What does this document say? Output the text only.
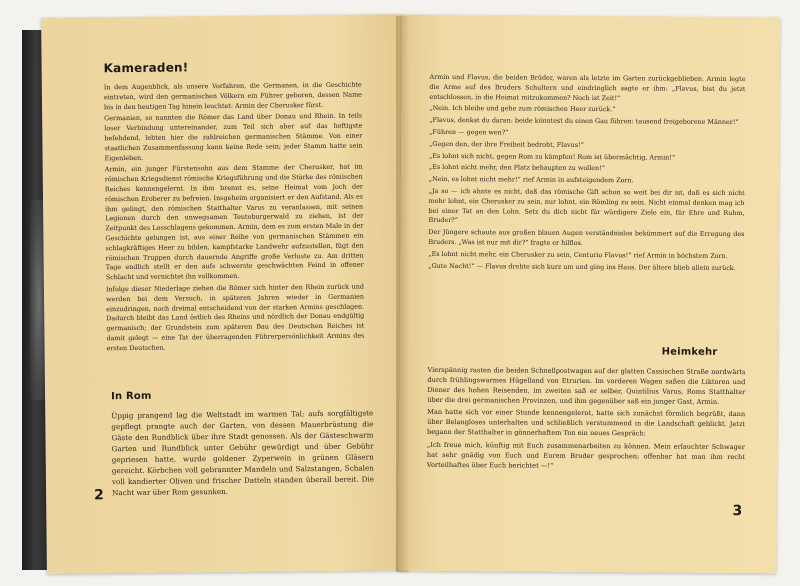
Kameraden!

In dem Augenblick, als unsere Vorfahren, die Germanen, in die Geschichte eintreten, wird den germanischen Völkern ein Führer geboren, dessen Name bis in den heutigen Tag hinein leuchtet: Armin der Cherusker fürst.

Germanien, so nannten die Römer das Land über Donau und Rhein. In teils loser Verbindung untereinander, zum Teil sich aber auf das heftigste befehdend, lebten hier die zahlreichen germanischen Stämme. Von einer staatlichen Zusammenfassung kann keine Rede sein; jeder Stamm hatte sein Eigenleben.

Armin, ein junger Fürstensohn aus dem Stamme der Cherusker, hat im römischen Kriegsdienst römische Kriegsführung und die Stärke des römischen Reiches kennengelernt. In ihm brennt es, seine Heimat vom Joch der römischen Eroberer zu befreien. Insgeheim organisiert er den Aufstand. Als es ihm gelingt, den römischen Statthalter Varus zu veranlassen, mit seinen Legionen durch den unwegsamen Teutoburgerwald zu ziehen, ist der Zeitpunkt des Losschlagens gekommen. Armin, dem es zum ersten Male in der Geschichte gelungen ist, aus einer Reihe von germanischen Stämmen ein schlagkräftiges Heer zu bilden, kampfstarke Landwehr aufzustellen, fügt den römischen Truppen durch dauernde Angriffe große Verluste zu. Am dritten Tage endlich stellt er den aufs schwerste geschwächten Feind in offener Schlacht und vernichtet ihn vollkommen.

Infolge dieser Niederlage ziehen die Römer sich hinter den Rhein zurück und werden bei dem Versuch, in späteren Jahren wieder in Germanien einzudringen, noch dreimal entscheidend von der starken Armins geschlagen. Dadurch bleibt das Land östlich des Rheins und nördlich der Donau endgültig germanisch; der Grundstein zum späteren Bau des Deutschen Reiches ist damit gelegt — eine Tat der überragenden Führerpersönlichkeit Armins des ersten Deutschen.

In Rom

Üppig prangend lag die Weltstadt im warmen Tal; aufs sorgfältigste gepflegt prangte auch der Garten, von dessen Mauerbrüstung die Gäste den Rundblick über ihre Stadt genossen. Als der Gästeschwarm Garten und Rundblick unter Gebühr gewürdigt und über Gebühr gepriesen hatte, wurde goldener Zyperwein in grünen Gläsern gereicht. Körbchen voll gebrannter Mandeln und Salzstangen, Schalen voll kandierter Oliven und frischer Datteln standen überall bereit. Die Nacht war über Rom gesunken.

2

Armin und Flavus, die beiden Brüder, waren als letzte im Garten zurückgeblieben. Armin legte die Arme auf des Bruders Schultern und eindringlich sagte er ihm: „Flavus, bist du jetzt entschlossen, in die Heimat mitzukommen? Noch ist Zeit!“

„Nein. Ich bleibe und gehe zum römischen Heer zurück.“

„Flavus, denkst du daran: beide könntest du einen Gau führen: tausend freigeborene Männer!“

„Führen — gegen wen?“

„Gegen den, der ihre Freiheit bedroht, Flavus!“

„Es lohnt sich nicht, gegen Rom zu kämpfen! Rom ist übermächtig, Armin!“

„Es lohnt nicht mehr, den Platz behaupten zu wollen!“

„Nein, es lohnt nicht mehr!“ rief Armin in aufsteigendem Zorn.

„Ja so — ich ahnte es nicht, daß das römische Gift schon so weit bei dir ist, daß es sich nicht mehr lohnt, ein Cherusker zu sein, nur lohnt, ein Römling zu sein. Nicht einmal denken mag ich bei einer Tat an den Lohn. Setz du dich nicht für würdigere Ziele ein, für Ehre und Ruhm, Bruder?“

Der Jüngere schaute aus großen blauen Augen verständnislos bekümmert auf die Erregung des Bruders. „Was ist nur mit dir?“ fragte er hilflos.

„Es lohnt nicht mehr, ein Cherusker zu sein, Centurio Flavus!“ rief Armin in höchstem Zorn.

„Gute Nacht!“ — Flavus drehte sich kurz um und ging ins Haus. Der ältere blieb allein zurück.

Heimkehr

Vierspännig rasten die beiden Schnellpostwagen auf der glatten Cassischen Straße nordwärts durch frühlingswarmes Hügelland von Etrurien. Im vorderen Wagen saßen die Liktoren und Diener des hohen Reisenden, im zweiten saß er selber, Quintilius Varus, Roms Statthalter über die drei germanischen Provinzen, und ihm gegenüber saß ein junger Gast, Armin.

Man hatte sich vor einer Stunde kennengelernt, hatte sich zunächst förmlich begrüßt, dann über Belangloses unterhalten und schließlich verstummend in die Landschaft geblickt. Jetzt begann der Statthalter in gönnerhaftem Ton ein neues Gespräch:

„Ich freue mich, künftig mit Euch zusammenarbeiten zu können. Mein erlauchter Schwager hat sehr gnädig von Euch und Eurem Bruder gesprochen; offenbar hat man ihm recht Vorteilhaftes über Euch berichtet —!“

3
